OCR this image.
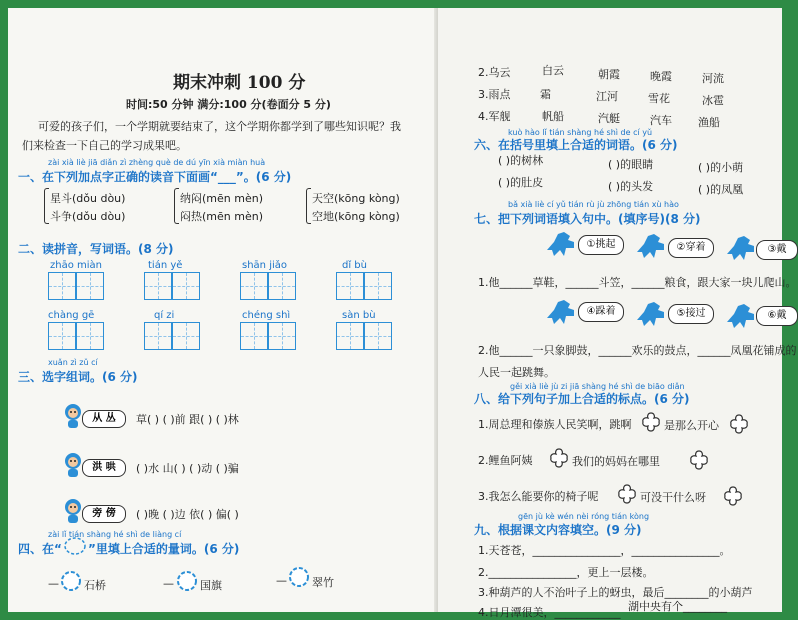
期末冲刺 100 分
时间:50 分钟 满分:100 分(卷面分 5 分)
可爱的孩子们，一个学期就要结束了，这个学期你都学到了哪些知识呢？我
们来检查一下自己的学习成果吧。
zài xià liè jiā diǎn zì zhèng què de dú yīn xià miàn huà
一、在下列加点字正确的读音下面画“___”。(6 分)
星斗(dǒu dòu)	纳闷(mēn mèn)	天空(kōng kòng)
斗争(dǒu dòu)	闷热(mēn mèn)	空地(kōng kòng)
二、读拼音，写词语。(8 分)
zhāo miàn	tián yě	shān jiǎo	dǐ bù
chàng gē	qí zi	chéng shì	sàn bù
xuǎn zì zǔ cí
三、选字组词。(6 分)
从 丛	草( ) ( )前 跟( ) ( )林
洪 哄	( )水 山( ) ( )动 ( )骗
旁 傍	( )晚 ( )边 依( ) 偏( )
zài lǐ tián shàng hé shì de liàng cí
四、在“ ”里填上合适的量词。(6 分)
— 石桥	— 国旗	— 翠竹
2.乌云	白云	朝霞	晚霞	河流
3.雨点	霜	江河	雪花	冰雹
4.军舰	帆船	汽艇	汽车 渔船
kuò hào lǐ tián shàng hé shì de cí yǔ
六、在括号里填上合适的词语。(6 分)
( )的树林	( )的眼睛	( )的小萌
( )的肚皮	( )的头发	( )的凤凰
bǎ xià liè cí yǔ tián rù jù zhōng tián xù hào
七、把下列词语填入句中。(填序号)(8 分)
①挑起	②穿着	③戴
1.他______草鞋，______斗笠，______粮食，跟大家一块儿爬山。
④跺着	⑤接过	⑥戴
2.他______一只象脚鼓，______欢乐的鼓点，______凤凰花铺成的
人民一起跳舞。
gěi xià liè jù zi jiā shàng hé shì de biāo diǎn
八、给下列句子加上合适的标点。(6 分)
1.周总理和傣族人民笑啊，跳啊	是那么开心
2.鲤鱼阿姨	我们的妈妈在哪里
3.我怎么能要你的椅子呢	可没干什么呀
gēn jù kè wén nèi róng tián kòng
九、根据课文内容填空。(9 分)
1.天苍苍，________________，________________。
2.________________，更上一层楼。
3.种葫芦的人不治叶子上的蚜虫，最后________的小葫芦
湖中央有个________
4.日月潭很美，____________
